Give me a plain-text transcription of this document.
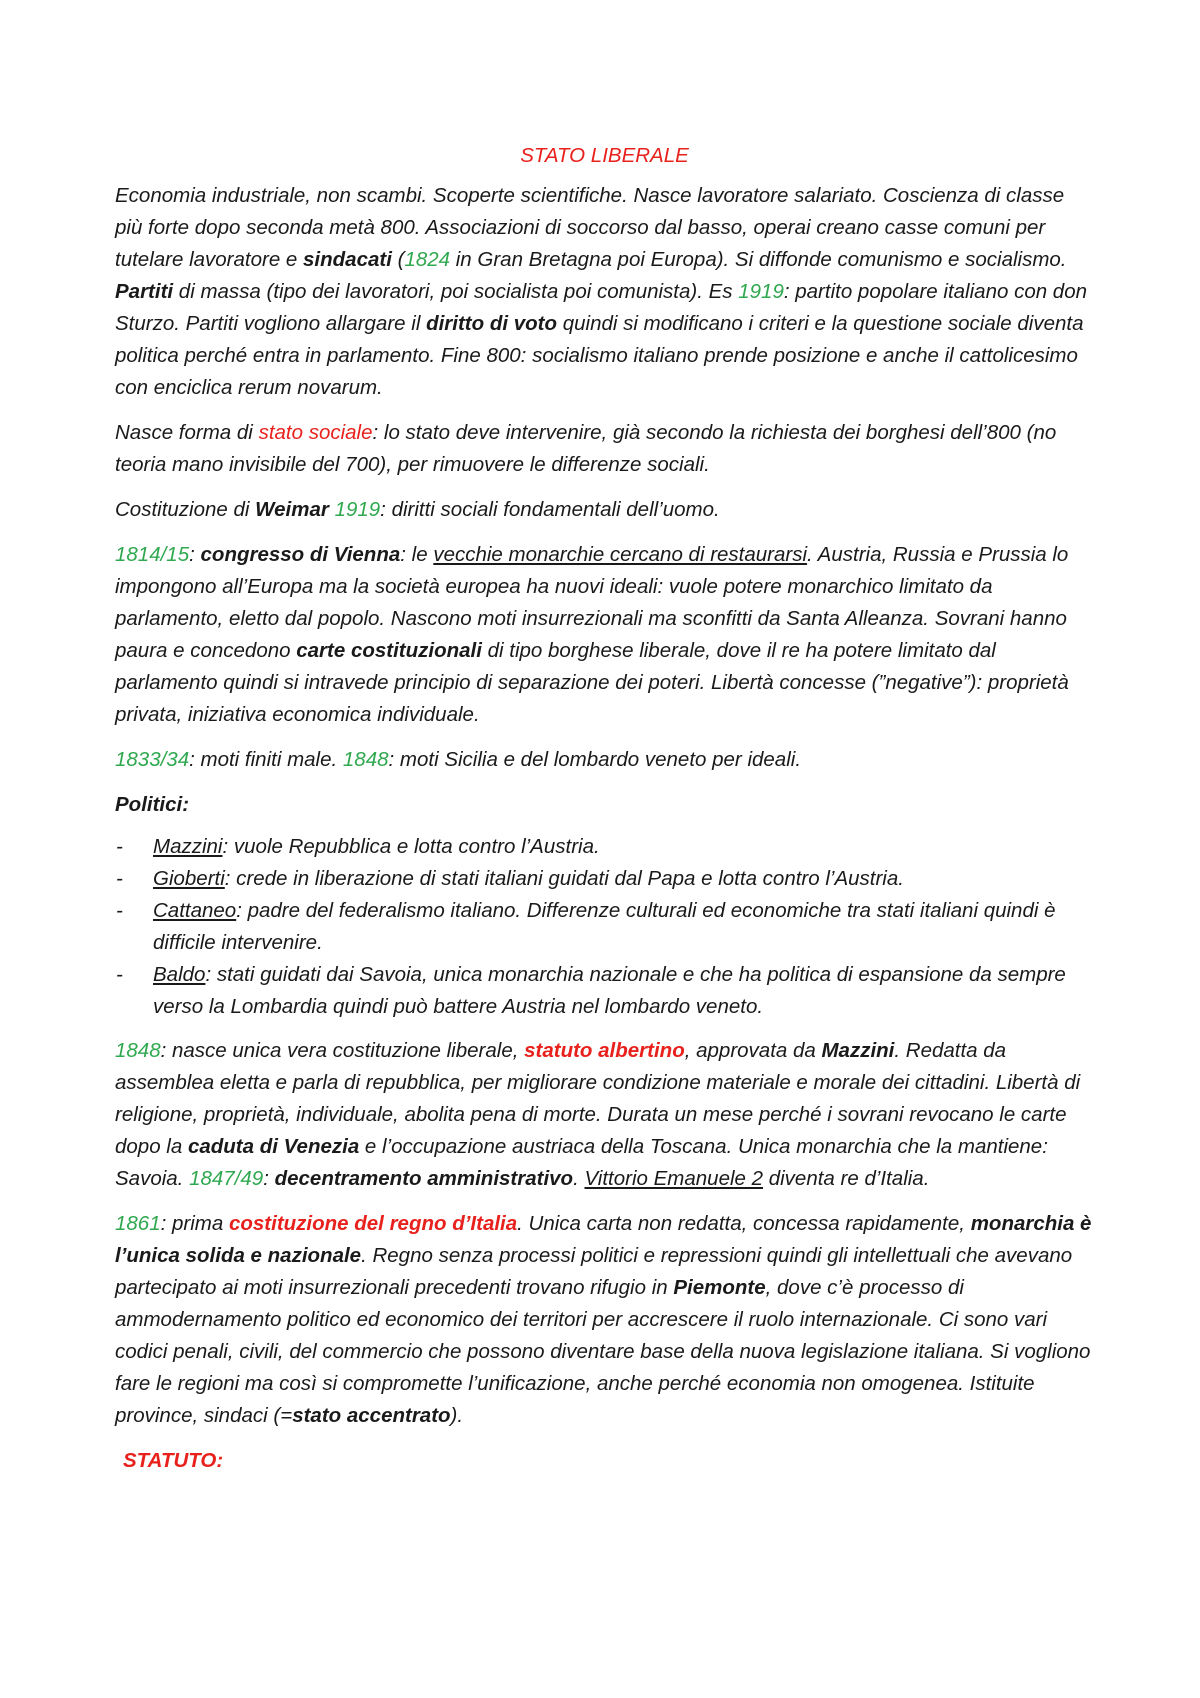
STATO LIBERALE

Economia industriale, non scambi. Scoperte scientifiche. Nasce lavoratore salariato. Coscienza di classe più forte dopo seconda metà 800. Associazioni di soccorso dal basso, operai creano casse comuni per tutelare lavoratore e sindacati (1824 in Gran Bretagna poi Europa). Si diffonde comunismo e socialismo. Partiti di massa (tipo dei lavoratori, poi socialista poi comunista). Es 1919: partito popolare italiano con don Sturzo. Partiti vogliono allargare il diritto di voto quindi si modificano i criteri e la questione sociale diventa politica perché entra in parlamento. Fine 800: socialismo italiano prende posizione e anche il cattolicesimo con enciclica rerum novarum.

Nasce forma di stato sociale: lo stato deve intervenire, già secondo la richiesta dei borghesi dell’800 (no teoria mano invisibile del 700), per rimuovere le differenze sociali.

Costituzione di Weimar 1919: diritti sociali fondamentali dell’uomo.

1814/15: congresso di Vienna: le vecchie monarchie cercano di restaurarsi. Austria, Russia e Prussia lo impongono all’Europa ma la società europea ha nuovi ideali: vuole potere monarchico limitato da parlamento, eletto dal popolo. Nascono moti insurrezionali ma sconfitti da Santa Alleanza. Sovrani hanno paura e concedono carte costituzionali di tipo borghese liberale, dove il re ha potere limitato dal parlamento quindi si intravede principio di separazione dei poteri. Libertà concesse (”negative”): proprietà privata, iniziativa economica individuale.

1833/34: moti finiti male. 1848: moti Sicilia e del lombardo veneto per ideali.

Politici:
- Mazzini: vuole Repubblica e lotta contro l’Austria.
- Gioberti: crede in liberazione di stati italiani guidati dal Papa e lotta contro l’Austria.
- Cattaneo: padre del federalismo italiano. Differenze culturali ed economiche tra stati italiani quindi è difficile intervenire.
- Baldo: stati guidati dai Savoia, unica monarchia nazionale e che ha politica di espansione da sempre verso la Lombardia quindi può battere Austria nel lombardo veneto.

1848: nasce unica vera costituzione liberale, statuto albertino, approvata da Mazzini. Redatta da assemblea eletta e parla di repubblica, per migliorare condizione materiale e morale dei cittadini. Libertà di religione, proprietà, individuale, abolita pena di morte. Durata un mese perché i sovrani revocano le carte dopo la caduta di Venezia e l’occupazione austriaca della Toscana. Unica monarchia che la mantiene: Savoia. 1847/49: decentramento amministrativo. Vittorio Emanuele 2 diventa re d’Italia.

1861: prima costituzione del regno d’Italia. Unica carta non redatta, concessa rapidamente, monarchia è l’unica solida e nazionale. Regno senza processi politici e repressioni quindi gli intellettuali che avevano partecipato ai moti insurrezionali precedenti trovano rifugio in Piemonte, dove c’è processo di ammodernamento politico ed economico dei territori per accrescere il ruolo internazionale. Ci sono vari codici penali, civili, del commercio che possono diventare base della nuova legislazione italiana. Si vogliono fare le regioni ma così si compromette l’unificazione, anche perché economia non omogenea. Istituite province, sindaci (=stato accentrato).

STATUTO:
